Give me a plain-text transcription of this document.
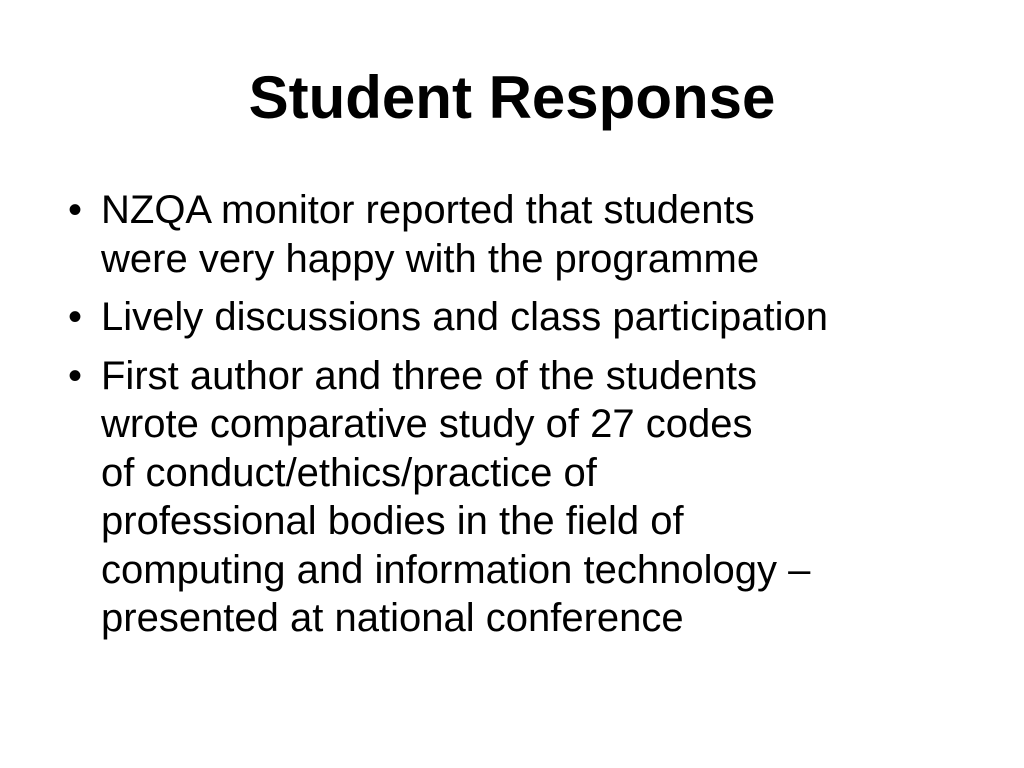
Student Response
• NZQA monitor reported that students
were very happy with the programme
• Lively discussions and class participation
• First author and three of the students
wrote comparative study of 27 codes
of conduct/ethics/practice of
professional bodies in the field of
computing and information technology –
presented at national conference
